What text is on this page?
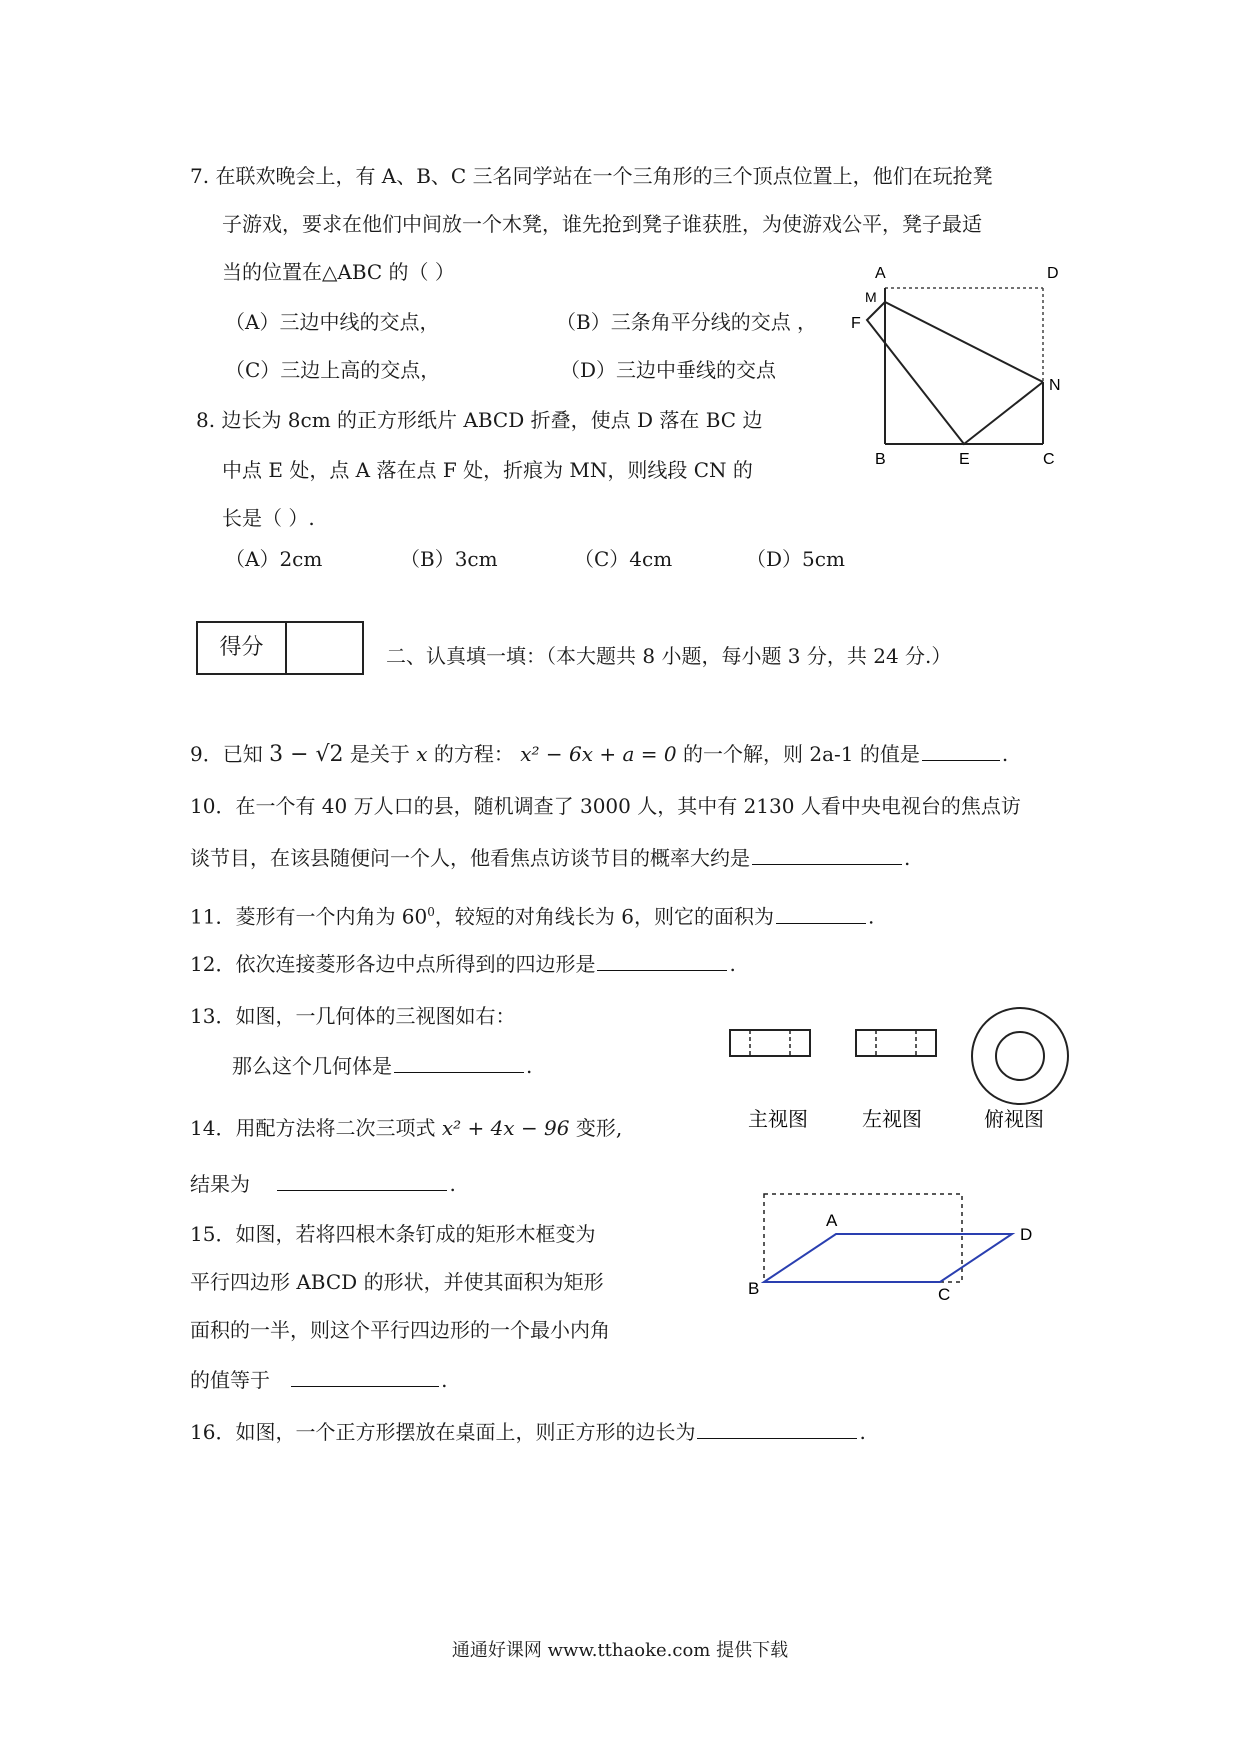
7. 在联欢晚会上，有 A、B、C 三名同学站在一个三角形的三个顶点位置上，他们在玩抢凳
子游戏，要求在他们中间放一个木凳，谁先抢到凳子谁获胜，为使游戏公平，凳子最适
当的位置在△ABC 的（ ）
（A）三边中线的交点，	（B）三条角平分线的交点 ，
（C）三边上高的交点，	（D）三边中垂线的交点
8. 边长为 8cm 的正方形纸片 ABCD 折叠，使点 D 落在 BC 边
中点 E 处，点 A 落在点 F 处，折痕为 MN，则线段 CN 的
长是（ ）.
（A）2cm	（B）3cm	（C）4cm	（D）5cm
A	D
M
F
N
B	E	C
得分	二、认真填一填：（本大题共 8 小题，每小题 3 分，共 24 分.）
9．已知 3 − √2 是关于 x 的方程： x² − 6x + a = 0 的一个解，则 2a-1 的值是	.
10．在一个有 40 万人口的县，随机调查了 3000 人，其中有 2130 人看中央电视台的焦点访
谈节目，在该县随便问一个人，他看焦点访谈节目的概率大约是	.
11．菱形有一个内角为 $60^0$，较短的对角线长为 6，则它的面积为	.
12．依次连接菱形各边中点所得到的四边形是	.
13．如图，一几何体的三视图如右：
那么这个几何体是	.
主视图	左视图	俯视图
14．用配方法将二次三项式 x² + 4x − 96 变形,
结果为	.
15．如图，若将四根木条钉成的矩形木框变为
平行四边形 ABCD 的形状，并使其面积为矩形
面积的一半，则这个平行四边形的一个最小内角
的值等于	.
A
D
B	C
16．如图，一个正方形摆放在桌面上，则正方形的边长为	.
通通好课网 www.tthaoke.com 提供下载
